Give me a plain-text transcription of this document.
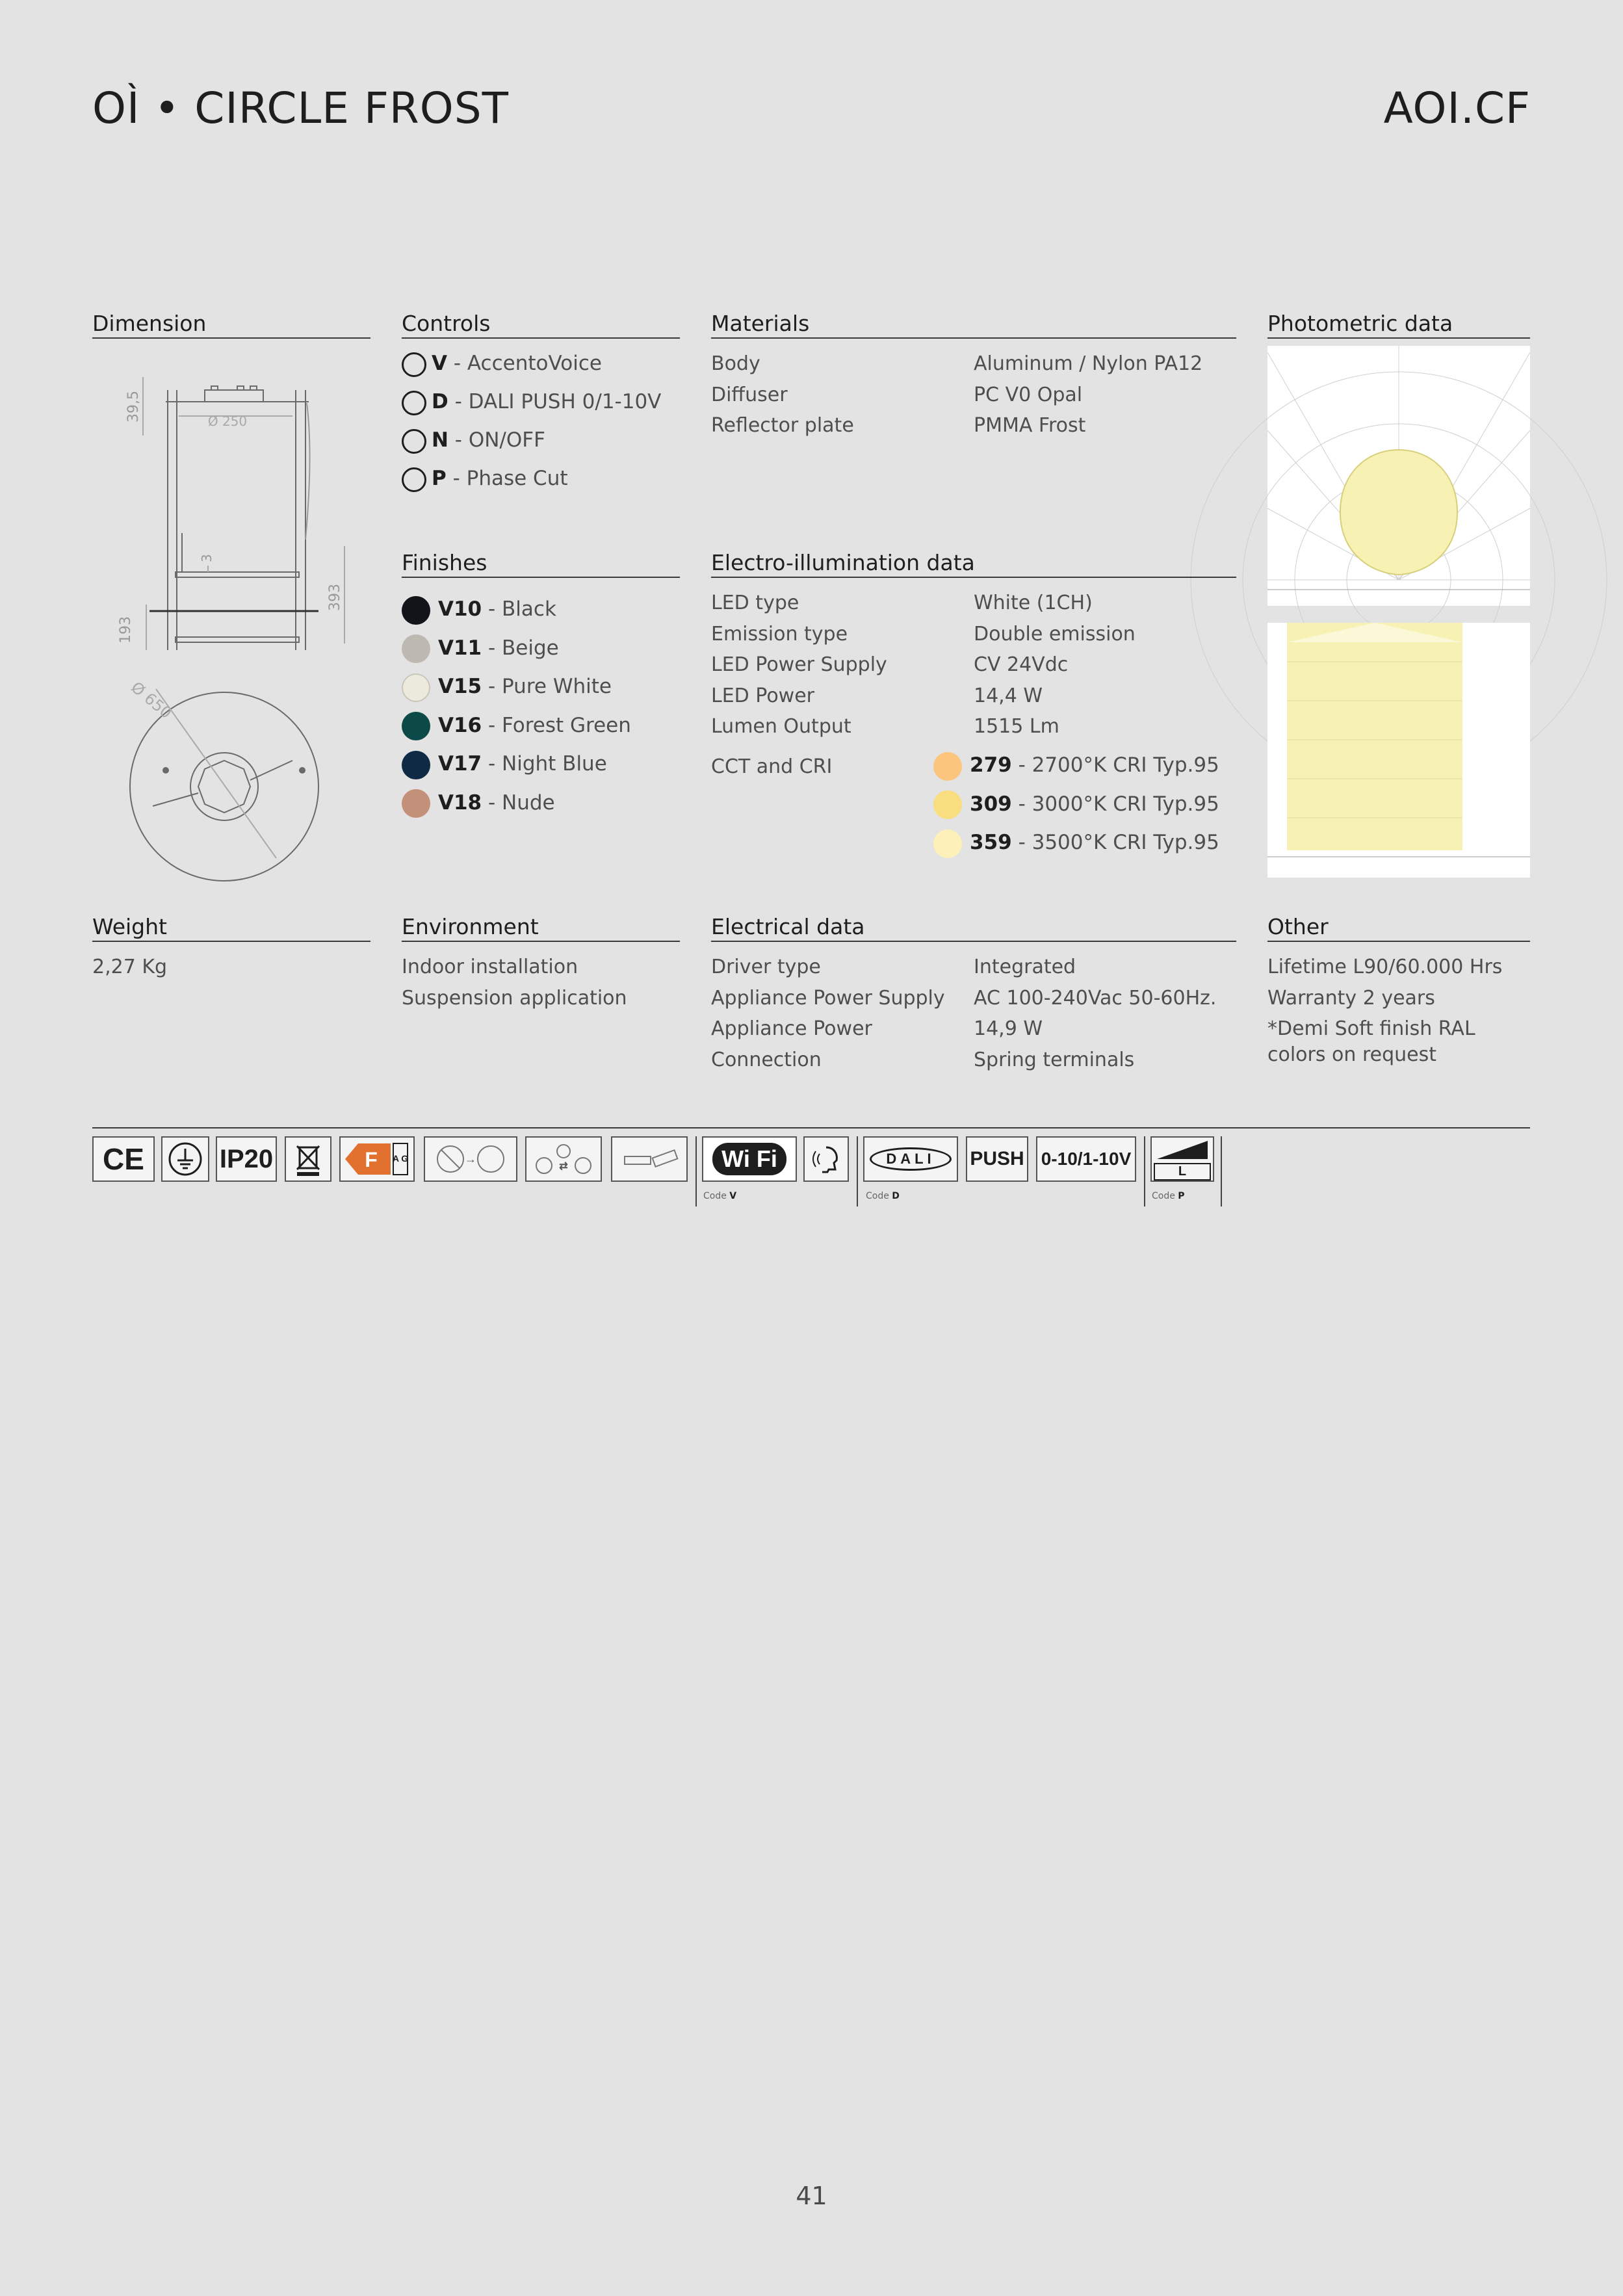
OÌ • CIRCLE FROST	AOI.CF
Dimension	Controls	Materials	Photometric data
Ø 250
39,5
3
393
193
Ø 650
V - AccentoVoice
D - DALI PUSH 0/1-10V
N - ON/OFF
P - Phase Cut
Body	Aluminum / Nylon PA12
Diffuser	PC V0 Opal
Reflector plate	PMMA Frost
Finishes	Electro-illumination data
V10 - Black
V11 - Beige
V15 - Pure White
V16 - Forest Green
V17 - Night Blue
V18 - Nude
LED type	White (1CH)
Emission type	Double emission
LED Power Supply	CV 24Vdc
LED Power	14,4 W
Lumen Output	1515 Lm
CCT and CRI	279 - 2700°K CRI Typ.95
309 - 3000°K CRI Typ.95
359 - 3500°K CRI Typ.95
Weight	Environment	Electrical data	Other
2,27 Kg	Indoor installation
Suspension application
Driver type	Integrated
Appliance Power Supply AC 100-240Vac 50-60Hz.
Appliance Power	14,9 W
Connection	Spring terminals
Lifetime L90/60.000 Hrs
Warranty 2 years
*Demi Soft finish RAL
colors on request
CE	IP20	F A G	→
⇄	Wi Fi
Code V
DALI	PUSH 0-10/1-10V
Code D
L
Code P
41
